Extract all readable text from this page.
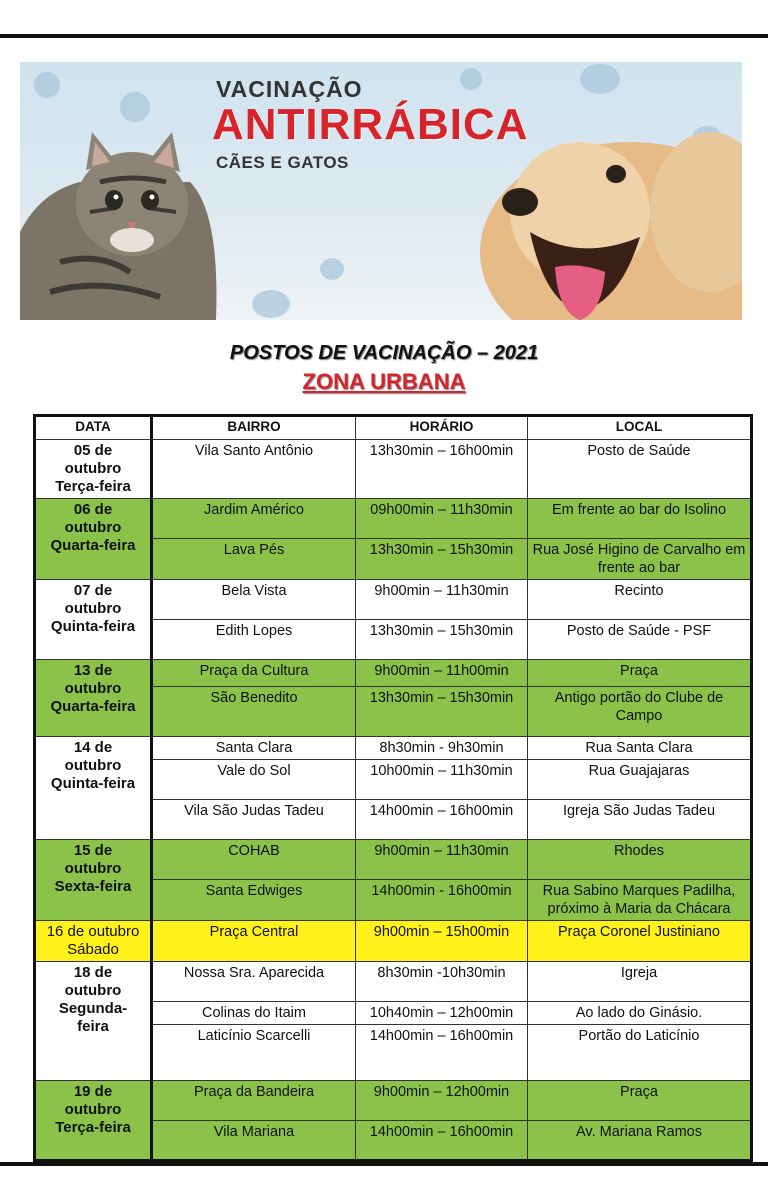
VACINAÇÃO
ANTIRRÁBICA
CÃES E GATOS
POSTOS DE VACINAÇÃO – 2021
ZONA URBANA
DATA	BAIRRO	HORÁRIO	LOCAL

05 de
outubro
Terça-feira	Vila Santo Antônio	13h30min – 16h00min	Posto de Saúde

06 de
outubro
Quarta-feira	Jardim Américo	09h00min – 11h30min	Em frente ao bar do Isolino
	Lava Pés	13h30min – 15h30min	Rua José Higino de Carvalho em frente ao bar

07 de
outubro
Quinta-feira	Bela Vista	9h00min – 11h30min	Recinto
	Edith Lopes	13h30min – 15h30min	Posto de Saúde - PSF

13 de
outubro
Quarta-feira	Praça da Cultura	9h00min – 11h00min	Praça
	São Benedito	13h30min – 15h30min	Antigo portão do Clube de Campo

14 de
outubro
Quinta-feira	Santa Clara	8h30min - 9h30min	Rua Santa Clara
	Vale do Sol	10h00min – 11h30min	Rua Guajajaras
	Vila São Judas Tadeu	14h00min – 16h00min	Igreja São Judas Tadeu

15 de
outubro
Sexta-feira	COHAB	9h00min – 11h30min	Rhodes
	Santa Edwiges	14h00min - 16h00min	Rua Sabino Marques Padilha, próximo à Maria da Chácara

16 de outubro
Sábado	Praça Central	9h00min – 15h00min	Praça Coronel Justiniano

18 de
outubro
Segunda-
feira	Nossa Sra. Aparecida	8h30min -10h30min	Igreja
	Colinas do Itaim	10h40min – 12h00min	Ao lado do Ginásio.
	Laticínio Scarcelli	14h00min – 16h00min	Portão do Laticínio

19 de
outubro
Terça-feira	Praça da Bandeira	9h00min – 12h00min	Praça
	Vila Mariana	14h00min – 16h00min	Av. Mariana Ramos
